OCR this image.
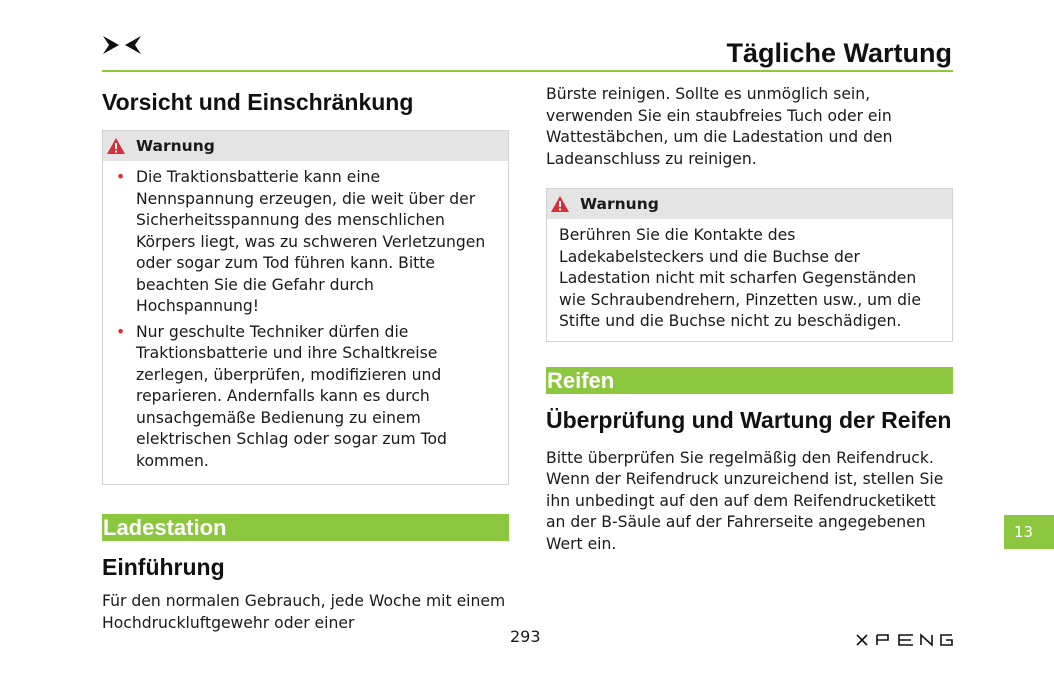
Tägliche Wartung
Vorsicht und Einschränkung
Warnung
• Die Traktionsbatterie kann eine Nennspannung erzeugen, die weit über der Sicherheitsspannung des menschlichen Körpers liegt, was zu schweren Verletzungen oder sogar zum Tod führen kann. Bitte beachten Sie die Gefahr durch Hochspannung!
• Nur geschulte Techniker dürfen die Traktionsbatterie und ihre Schaltkreise zerlegen, überprüfen, modifizieren und reparieren. Andernfalls kann es durch unsachgemäße Bedienung zu einem elektrischen Schlag oder sogar zum Tod kommen.
Ladestation
Einführung

Für den normalen Gebrauch, jede Woche mit einem Hochdruckluftgewehr oder einer

Bürste reinigen. Sollte es unmöglich sein, verwenden Sie ein staubfreies Tuch oder ein Wattestäbchen, um die Ladestation und den Ladeanschluss zu reinigen.

Warnung

Berühren Sie die Kontakte des Ladekabelsteckers und die Buchse der Ladestation nicht mit scharfen Gegenständen wie Schraubendrehern, Pinzetten usw., um die Stifte und die Buchse nicht zu beschädigen.

Reifen
Überprüfung und Wartung der Reifen

Bitte überprüfen Sie regelmäßig den Reifendruck. Wenn der Reifendruck unzureichend ist, stellen Sie ihn unbedingt auf den auf dem Reifendrucketikett an der B-Säule auf der Fahrerseite angegebenen Wert ein.

293
13
